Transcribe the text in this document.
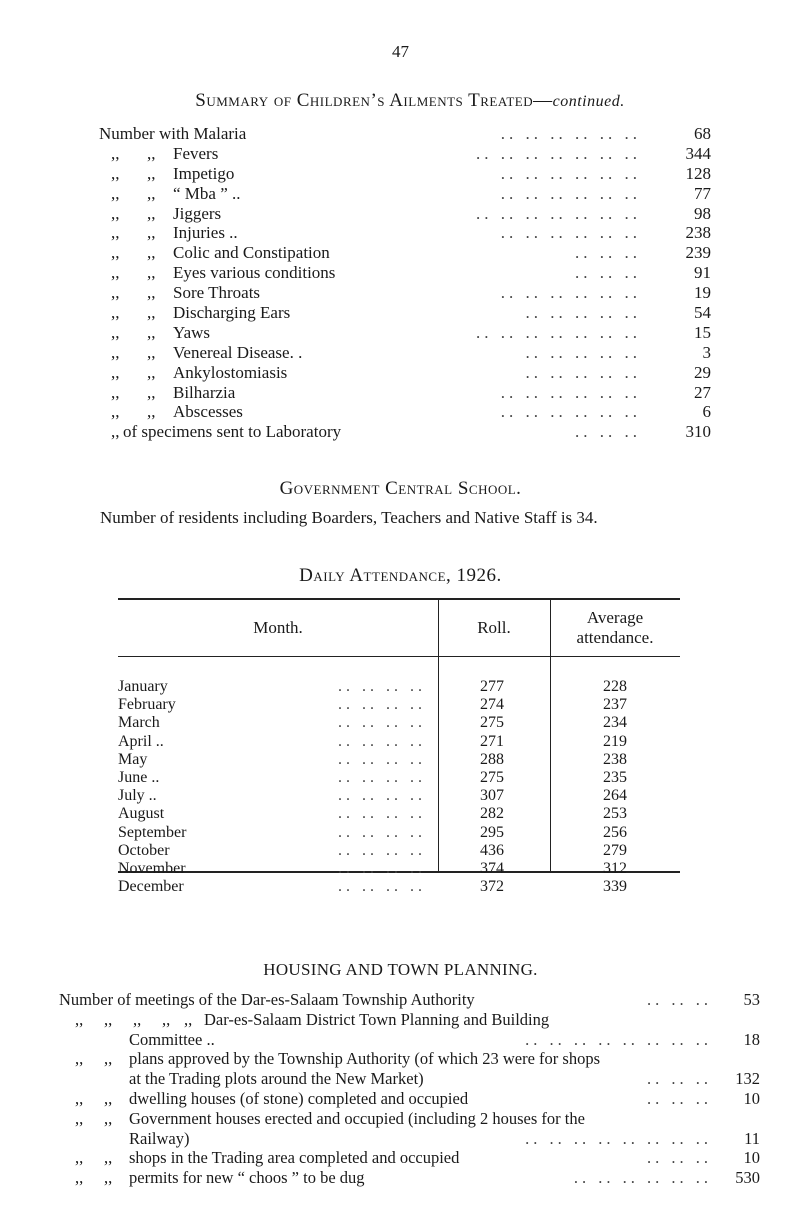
47
Summary of Children’s Ailments Treated—continued.
Number with Malaria	.. .. .. .. .. ..	68
,, ,, Fevers	.. .. .. .. .. .. ..	344
,, ,, Impetigo	.. .. .. .. .. ..	128
,, ,, “ Mba ” ..	.. .. .. .. .. ..	77
,, ,, Jiggers	.. .. .. .. .. .. ..	98
,, ,, Injuries ..	.. .. .. .. .. ..	238
,, ,, Colic and Constipation	.. .. ..	239
,, ,, Eyes various conditions	.. .. ..	91
,, ,, Sore Throats	.. .. .. .. .. ..	19
,, ,, Discharging Ears	.. .. .. .. ..	54
,, ,, Yaws	.. .. .. .. .. .. ..	15
,, ,, Venereal Disease. .	.. .. .. .. ..	3
,, ,, Ankylostomiasis	.. .. .. .. ..	29
,, ,, Bilharzia	.. .. .. .. .. ..	27
,, ,, Abscesses	.. .. .. .. .. ..	6
,, of specimens sent to Laboratory	.. .. ..	310
Government Central School.
Number of residents including Boarders, Teachers and Native Staff is 34.
Daily Attendance, 1926.
Month.	Roll.
Average
attendance.
January	.. .. .. ..	277	228
February	.. .. .. ..	274	237
March	.. .. .. ..	275	234
April ..	.. .. .. ..	271	219
May	.. .. .. ..	288	238
June ..	.. .. .. ..	275	235
July ..	.. .. .. ..	307	264
August	.. .. .. ..	282	253
September	.. .. .. ..	295	256
October	.. .. .. ..	436	279
November	.. .. .. ..	374	312
December	.. .. .. ..	372	339
HOUSING AND TOWN PLANNING.
Number of meetings of the Dar-es-Salaam Township Authority	.. .. ..	53
,, ,, ,, ,, ,, Dar-es-Salaam District Town Planning and Building
Committee ..	.. .. .. .. .. .. .. ..	18
,, ,, plans approved by the Township Authority (of which 23 were for shops
at the Trading plots around the New Market)	.. .. ..	132
,, ,, dwelling houses (of stone) completed and occupied	.. .. ..	10
,, ,, Government houses erected and occupied (including 2 houses for the
Railway)	.. .. .. .. .. .. .. ..	11
,, ,, shops in the Trading area completed and occupied	.. .. ..	10
,, ,, permits for new “ choos ” to be dug	.. .. .. .. .. ..	530
